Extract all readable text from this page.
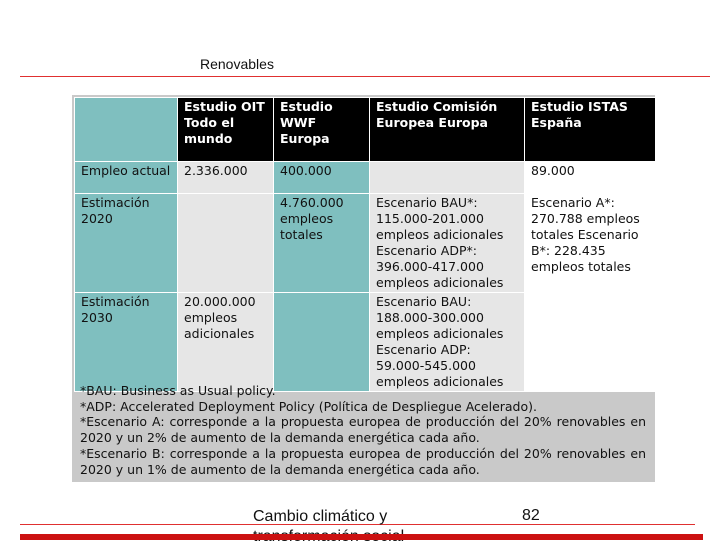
Renovables
	Estudio OIT Todo el mundo	Estudio WWF Europa	Estudio Comisión Europea Europa	Estudio ISTAS España
Empleo actual	2.336.000	400.000		89.000
Estimación 2020		4.760.000 empleos totales	Escenario BAU*: 115.000-201.000 empleos adicionales Escenario ADP*: 396.000-417.000 empleos adicionales	Escenario A*: 270.788 empleos totales Escenario B*: 228.435 empleos totales
Estimación 2030	20.000.000 empleos adicionales		Escenario BAU: 188.000-300.000 empleos adicionales Escenario ADP: 59.000-545.000 empleos adicionales	

*BAU: Business as Usual policy.

*ADP: Accelerated Deployment Policy (Política de Despliegue Acelerado).

*Escenario A: corresponde a la propuesta europea de producción del 20% renovables en 2020 y un 2% de aumento de la demanda energética cada año.

*Escenario B: corresponde a la propuesta europea de producción del 20% renovables en 2020 y un 1% de aumento de la demanda energética cada año.

Cambio climático y	82
